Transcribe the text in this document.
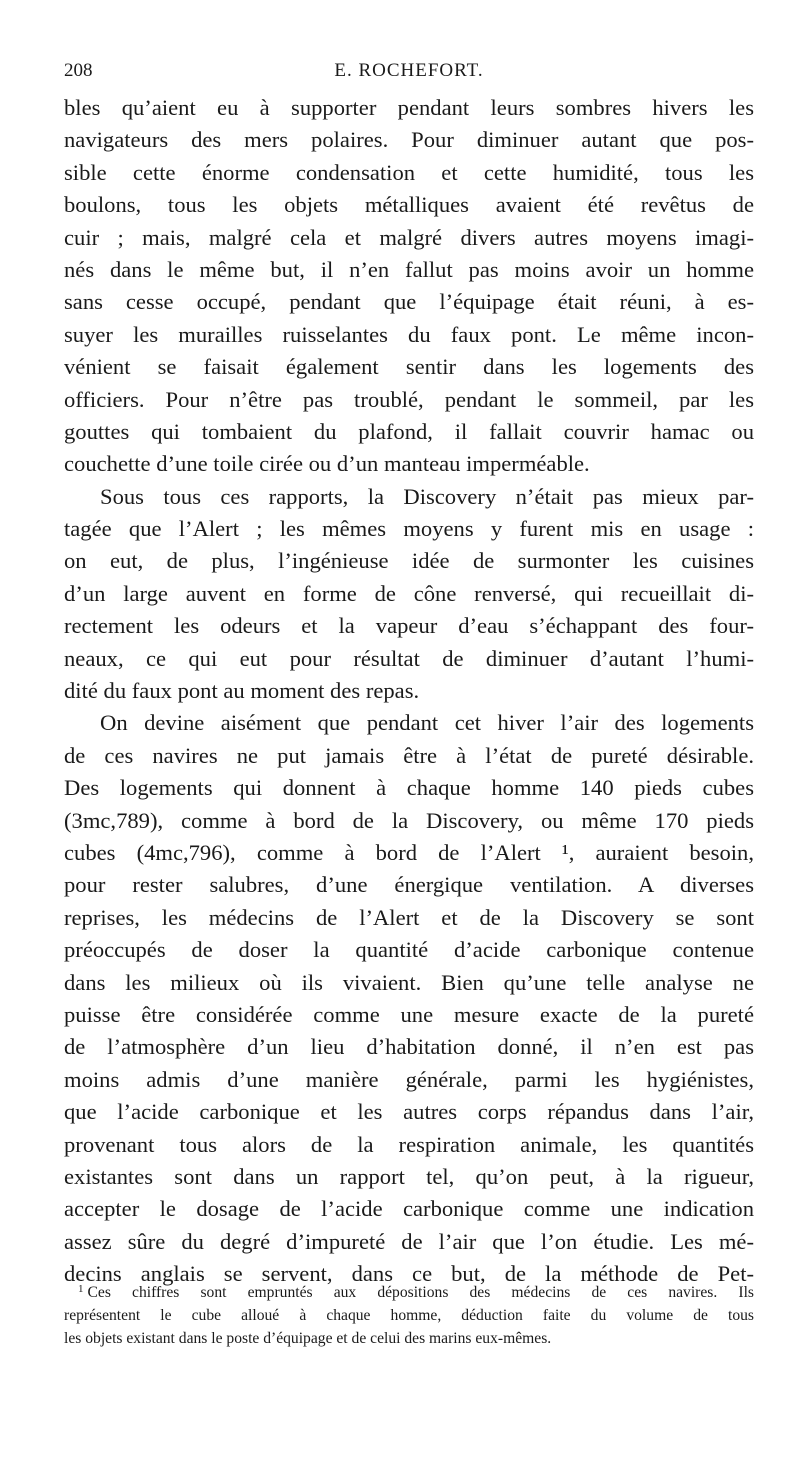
208	E. ROCHEFORT.
bles qu’aient eu à supporter pendant leurs sombres hivers les
navigateurs des mers polaires. Pour diminuer autant que pos-
sible cette énorme condensation et cette humidité, tous les
boulons, tous les objets métalliques avaient été revêtus de
cuir ; mais, malgré cela et malgré divers autres moyens imagi-
nés dans le même but, il n’en fallut pas moins avoir un homme
sans cesse occupé, pendant que l’équipage était réuni, à es-
suyer les murailles ruisselantes du faux pont. Le même incon-
vénient se faisait également sentir dans les logements des
officiers. Pour n’être pas troublé, pendant le sommeil, par les
gouttes qui tombaient du plafond, il fallait couvrir hamac ou
couchette d’une toile cirée ou d’un manteau imperméable.
Sous tous ces rapports, la Discovery n’était pas mieux par-
tagée que l’Alert ; les mêmes moyens y furent mis en usage :
on eut, de plus, l’ingénieuse idée de surmonter les cuisines
d’un large auvent en forme de cône renversé, qui recueillait di-
rectement les odeurs et la vapeur d’eau s’échappant des four-
neaux, ce qui eut pour résultat de diminuer d’autant l’humi-
dité du faux pont au moment des repas.
On devine aisément que pendant cet hiver l’air des logements
de ces navires ne put jamais être à l’état de pureté désirable.
Des logements qui donnent à chaque homme 140 pieds cubes
(3mc,789), comme à bord de la Discovery, ou même 170 pieds
cubes (4mc,796), comme à bord de l’Alert ¹, auraient besoin,
pour rester salubres, d’une énergique ventilation. A diverses
reprises, les médecins de l’Alert et de la Discovery se sont
préoccupés de doser la quantité d’acide carbonique contenue
dans les milieux où ils vivaient. Bien qu’une telle analyse ne
puisse être considérée comme une mesure exacte de la pureté
de l’atmosphère d’un lieu d’habitation donné, il n’en est pas
moins admis d’une manière générale, parmi les hygiénistes,
que l’acide carbonique et les autres corps répandus dans l’air,
provenant tous alors de la respiration animale, les quantités
existantes sont dans un rapport tel, qu’on peut, à la rigueur,
accepter le dosage de l’acide carbonique comme une indication
assez sûre du degré d’impureté de l’air que l’on étudie. Les mé-
decins anglais se servent, dans ce but, de la méthode de Pet-
$^1$ Ces chiffres sont empruntés aux dépositions des médecins de ces navires. Ils
représentent le cube alloué à chaque homme, déduction faite du volume de tous
les objets existant dans le poste d’équipage et de celui des marins eux-mêmes.
